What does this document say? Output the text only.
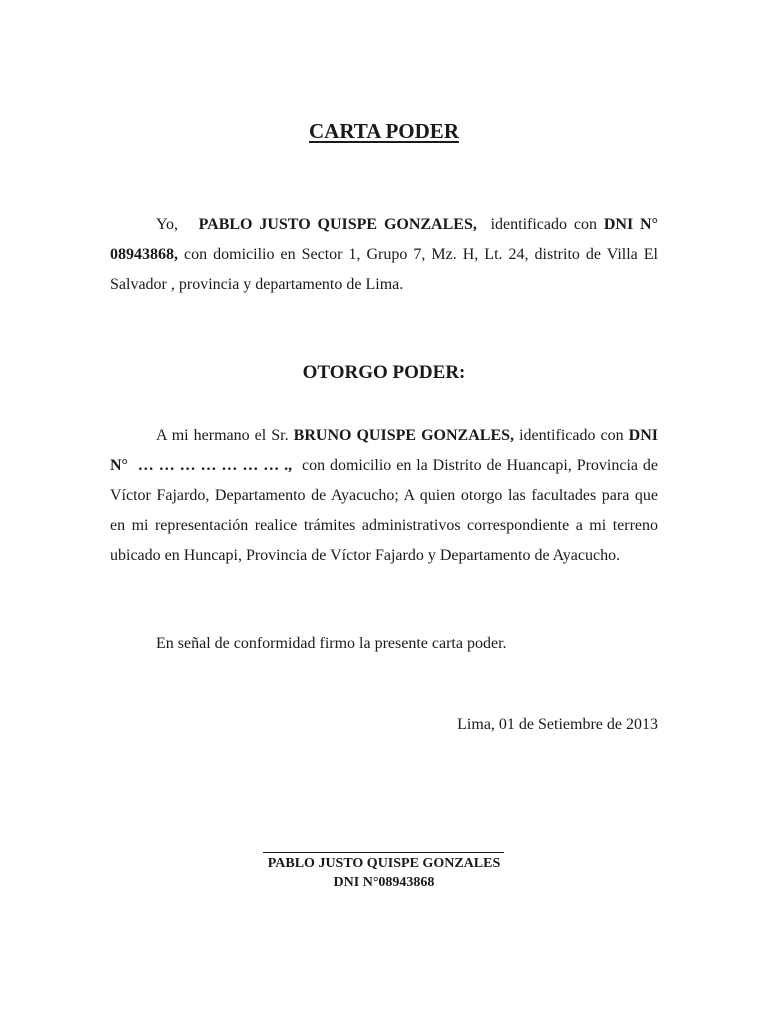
CARTA PODER

Yo, PABLO JUSTO QUISPE GONZALES, identificado con DNI N° 08943868, con domicilio en Sector 1, Grupo 7, Mz. H, Lt. 24, distrito de Villa El Salvador , provincia y departamento de Lima.

OTORGO PODER:

A mi hermano el Sr. BRUNO QUISPE GONZALES, identificado con DNI N° … … … … … … … ., con domicilio en la Distrito de Huancapi, Provincia de Víctor Fajardo, Departamento de Ayacucho; A quien otorgo las facultades para que en mi representación realice trámites administrativos correspondiente a mi terreno ubicado en Huncapi, Provincia de Víctor Fajardo y Departamento de Ayacucho.

En señal de conformidad firmo la presente carta poder.

Lima, 01 de Setiembre de 2013

PABLO JUSTO QUISPE GONZALES

DNI N°08943868
